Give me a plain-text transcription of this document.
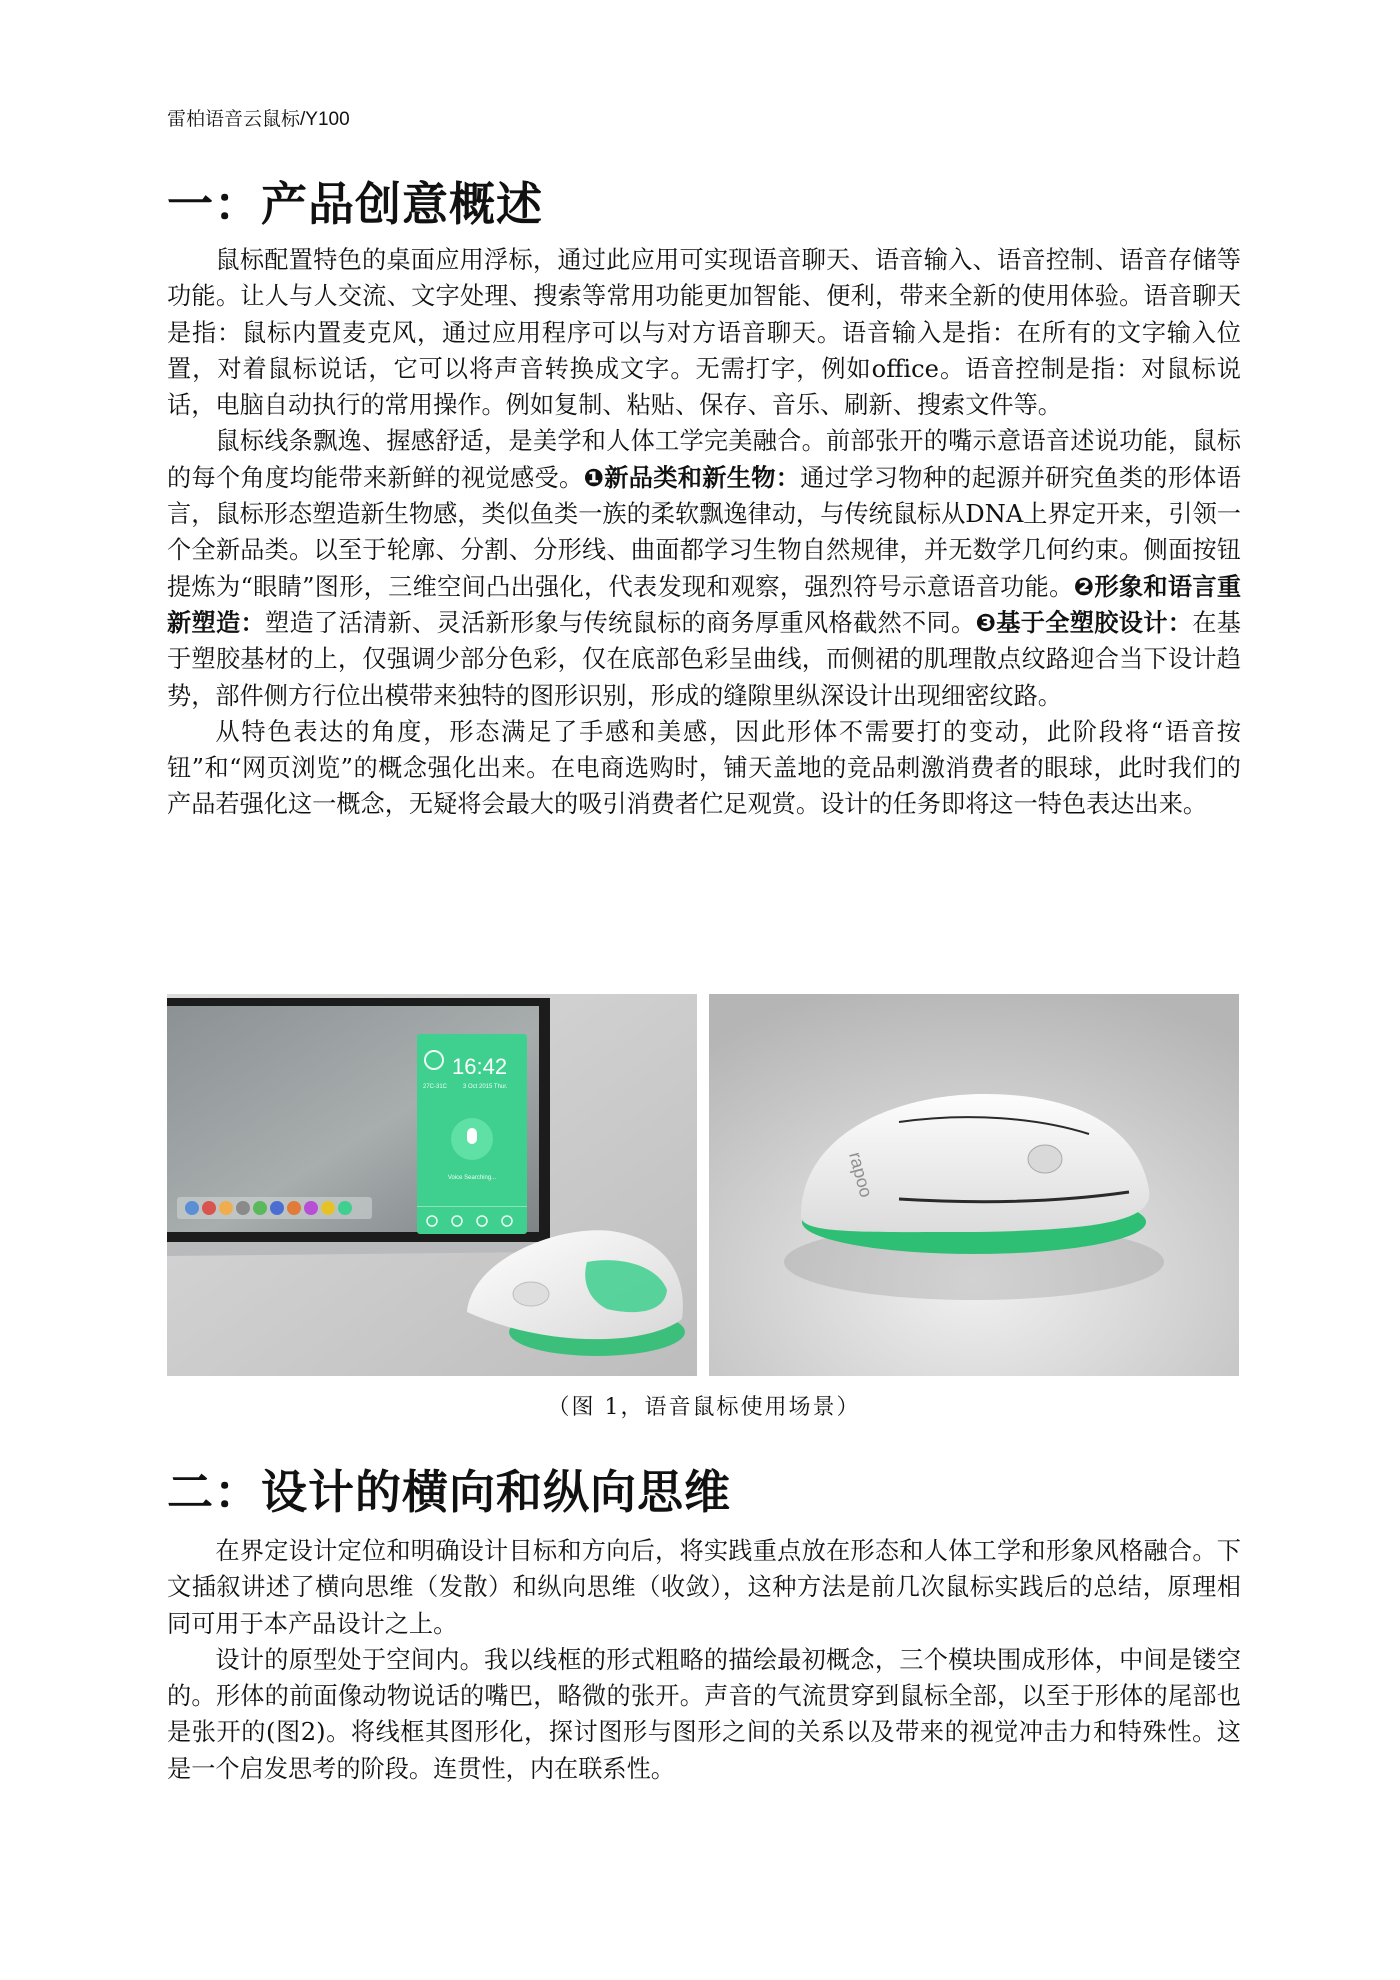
雷柏语音云鼠标/Y100
一：产品创意概述

鼠标配置特色的桌面应用浮标，通过此应用可实现语音聊天、语音输入、语音控制、语音存储等功能。让人与人交流、文字处理、搜索等常用功能更加智能、便利，带来全新的使用体验。语音聊天是指：鼠标内置麦克风，通过应用程序可以与对方语音聊天。语音输入是指：在所有的文字输入位置，对着鼠标说话，它可以将声音转换成文字。无需打字，例如office。语音控制是指：对鼠标说话，电脑自动执行的常用操作。例如复制、粘贴、保存、音乐、刷新、搜索文件等。

鼠标线条飘逸、握感舒适，是美学和人体工学完美融合。前部张开的嘴示意语音述说功能，鼠标的每个角度均能带来新鲜的视觉感受。❶新品类和新生物：通过学习物种的起源并研究鱼类的形体语言，鼠标形态塑造新生物感，类似鱼类一族的柔软飘逸律动，与传统鼠标从DNA上界定开来，引领一个全新品类。以至于轮廓、分割、分形线、曲面都学习生物自然规律，并无数学几何约束。侧面按钮提炼为“眼睛”图形，三维空间凸出强化，代表发现和观察，强烈符号示意语音功能。❷形象和语言重新塑造：塑造了活清新、灵活新形象与传统鼠标的商务厚重风格截然不同。❸基于全塑胶设计：在基于塑胶基材的上，仅强调少部分色彩，仅在底部色彩呈曲线，而侧裙的肌理散点纹路迎合当下设计趋势，部件侧方行位出模带来独特的图形识别，形成的缝隙里纵深设计出现细密纹路。

从特色表达的角度，形态满足了手感和美感，因此形体不需要打的变动，此阶段将“语音按钮”和“网页浏览”的概念强化出来。在电商选购时，铺天盖地的竞品刺激消费者的眼球，此时我们的产品若强化这一概念，无疑将会最大的吸引消费者伫足观赏。设计的任务即将这一特色表达出来。

16:42
27C-31C	3 Oct 2015 Thur.
Voice Searching...	rapoo
（图 1，语音鼠标使用场景）
二：设计的横向和纵向思维

在界定设计定位和明确设计目标和方向后，将实践重点放在形态和人体工学和形象风格融合。下文插叙讲述了横向思维（发散）和纵向思维（收敛），这种方法是前几次鼠标实践后的总结，原理相同可用于本产品设计之上。

设计的原型处于空间内。我以线框的形式粗略的描绘最初概念，三个模块围成形体，中间是镂空的。形体的前面像动物说话的嘴巴，略微的张开。声音的气流贯穿到鼠标全部，以至于形体的尾部也是张开的(图2)。将线框其图形化，探讨图形与图形之间的关系以及带来的视觉冲击力和特殊性。这是一个启发思考的阶段。连贯性，内在联系性。
